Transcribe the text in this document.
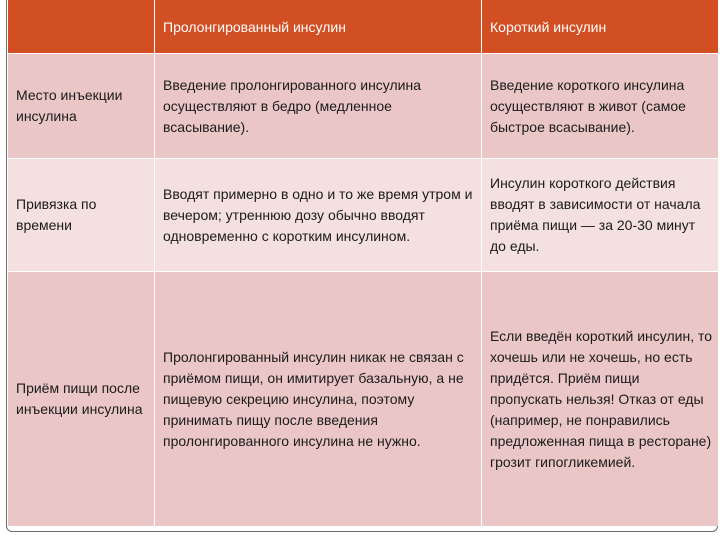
	Пролонгированный инсулин	Короткий инсулин
Место инъекции инсулина	Введение пролонгированного инсулина осуществляют в бедро (медленное всасывание).	Введение короткого инсулина осуществляют в живот (самое быстрое всасывание).
Привязка по времени	Вводят примерно в одно и то же время утром и вечером; утреннюю дозу обычно вводят одновременно с коротким инсулином.	Инсулин короткого действия вводят в зависимости от начала приёма пищи — за 20-30 минут до еды.
Приём пищи после инъекции инсулина	Пролонгированный инсулин никак не связан с приёмом пищи, он имитирует базальную, а не пищевую секрецию инсулина, поэтому принимать пищу после введения пролонгированного инсулина не нужно.	Если введён короткий инсулин, то хочешь или не хочешь, но есть придётся. Приём пищи пропускать нельзя! Отказ от еды (например, не понравились предложенная пища в ресторане) грозит гипогликемией.
